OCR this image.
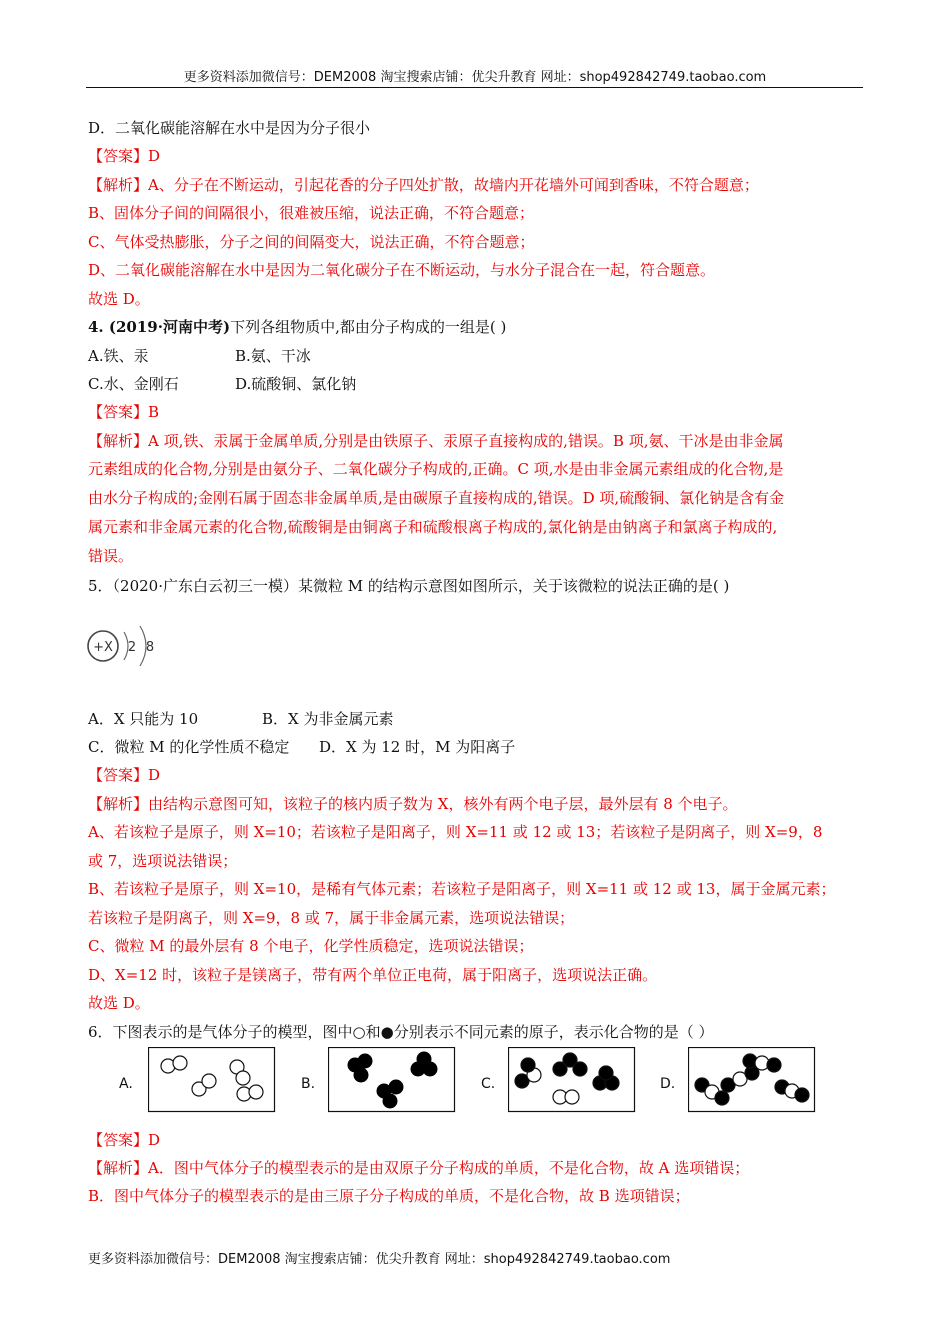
更多资料添加微信号：DEM2008 淘宝搜索店铺：优尖升教育 网址：shop492842749.taobao.com
D．二氧化碳能溶解在水中是因为分子很小
【答案】D
【解析】A、分子在不断运动，引起花香的分子四处扩散，故墙内开花墙外可闻到香味，不符合题意；
B、固体分子间的间隔很小，很难被压缩，说法正确，不符合题意；
C、气体受热膨胀，分子之间的间隔变大，说法正确，不符合题意；
D、二氧化碳能溶解在水中是因为二氧化碳分子在不断运动，与水分子混合在一起，符合题意。
故选 D。
4. (2019·河南中考)下列各组物质中,都由分子构成的一组是( )
A.铁、汞	B.氨、干冰
C.水、金刚石	D.硫酸铜、氯化钠
【答案】B
【解析】A 项,铁、汞属于金属单质,分别是由铁原子、汞原子直接构成的,错误。B 项,氨、干冰是由非金属
元素组成的化合物,分别是由氨分子、二氧化碳分子构成的,正确。C 项,水是由非金属元素组成的化合物,是
由水分子构成的;金刚石属于固态非金属单质,是由碳原子直接构成的,错误。D 项,硫酸铜、氯化钠是含有金
属元素和非金属元素的化合物,硫酸铜是由铜离子和硫酸根离子构成的,氯化钠是由钠离子和氯离子构成的,
错误。
5．（2020·广东白云初三一模）某微粒 M 的结构示意图如图所示，关于该微粒的说法正确的是( )
+X 2 8
A．X 只能为 10	B．X 为非金属元素
C．微粒 M 的化学性质不稳定 D．X 为 12 时，M 为阳离子
【答案】D
【解析】由结构示意图可知，该粒子的核内质子数为 X，核外有两个电子层，最外层有 8 个电子。
A、若该粒子是原子，则 X=10；若该粒子是阳离子，则 X=11 或 12 或 13；若该粒子是阴离子，则 X=9，8
或 7，选项说法错误；
B、若该粒子是原子，则 X=10，是稀有气体元素；若该粒子是阳离子，则 X=11 或 12 或 13，属于金属元素；
若该粒子是阴离子，则 X=9，8 或 7，属于非金属元素，选项说法错误；
C、微粒 M 的最外层有 8 个电子，化学性质稳定，选项说法错误；
D、X=12 时，该粒子是镁离子，带有两个单位正电荷，属于阳离子，选项说法正确。
故选 D。
6．下图表示的是气体分子的模型，图中○和●分别表示不同元素的原子，表示化合物的是（ ）
A.	B.	C.	D.
【答案】D
【解析】A．图中气体分子的模型表示的是由双原子分子构成的单质，不是化合物，故 A 选项错误；
B．图中气体分子的模型表示的是由三原子分子构成的单质，不是化合物，故 B 选项错误；
更多资料添加微信号：DEM2008 淘宝搜索店铺：优尖升教育 网址：shop492842749.taobao.com
